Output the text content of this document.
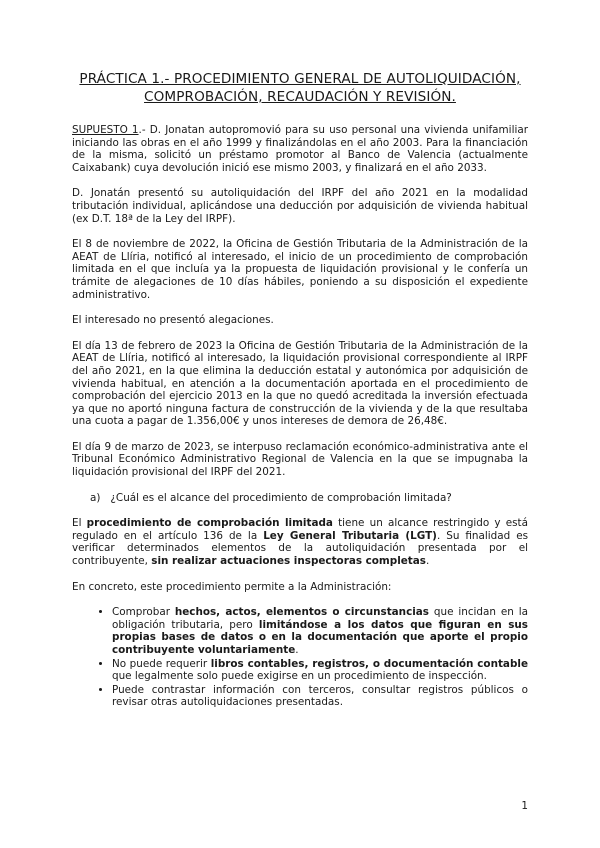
PRÁCTICA 1.- PROCEDIMIENTO GENERAL DE AUTOLIQUIDACIÓN,
COMPROBACIÓN, RECAUDACIÓN Y REVISIÓN.

SUPUESTO 1.- D. Jonatan autopromovió para su uso personal una vivienda unifamiliar iniciando las obras en el año 1999 y finalizándolas en el año 2003. Para la financiación de la misma, solicitó un préstamo promotor al Banco de Valencia (actualmente Caixabank) cuya devolución inició ese mismo 2003, y finalizará en el año 2033.

D. Jonatán presentó su autoliquidación del IRPF del año 2021 en la modalidad tributación individual, aplicándose una deducción por adquisición de vivienda habitual (ex D.T. 18ª de la Ley del IRPF).

El 8 de noviembre de 2022, la Oficina de Gestión Tributaria de la Administración de la AEAT de Llíria, notificó al interesado, el inicio de un procedimiento de comprobación limitada en el que incluía ya la propuesta de liquidación provisional y le confería un trámite de alegaciones de 10 días hábiles, poniendo a su disposición el expediente administrativo.

El interesado no presentó alegaciones.

El día 13 de febrero de 2023 la Oficina de Gestión Tributaria de la Administración de la AEAT de Llíria, notificó al interesado, la liquidación provisional correspondiente al IRPF del año 2021, en la que elimina la deducción estatal y autonómica por adquisición de vivienda habitual, en atención a la documentación aportada en el procedimiento de comprobación del ejercicio 2013 en la que no quedó acreditada la inversión efectuada ya que no aportó ninguna factura de construcción de la vivienda y de la que resultaba una cuota a pagar de 1.356,00€ y unos intereses de demora de 26,48€.

El día 9 de marzo de 2023, se interpuso reclamación económico-administrativa ante el Tribunal Económico Administrativo Regional de Valencia en la que se impugnaba la liquidación provisional del IRPF del 2021.

a) ¿Cuál es el alcance del procedimiento de comprobación limitada?

El procedimiento de comprobación limitada tiene un alcance restringido y está regulado en el artículo 136 de la Ley General Tributaria (LGT). Su finalidad es verificar determinados elementos de la autoliquidación presentada por el contribuyente, sin realizar actuaciones inspectoras completas.

En concreto, este procedimiento permite a la Administración:

• Comprobar hechos, actos, elementos o circunstancias que incidan en la obligación tributaria, pero limitándose a los datos que figuran en sus propias bases de datos o en la documentación que aporte el propio contribuyente voluntariamente.
• No puede requerir libros contables, registros, o documentación contable que legalmente solo puede exigirse en un procedimiento de inspección.
• Puede contrastar información con terceros, consultar registros públicos o revisar otras autoliquidaciones presentadas.
1
